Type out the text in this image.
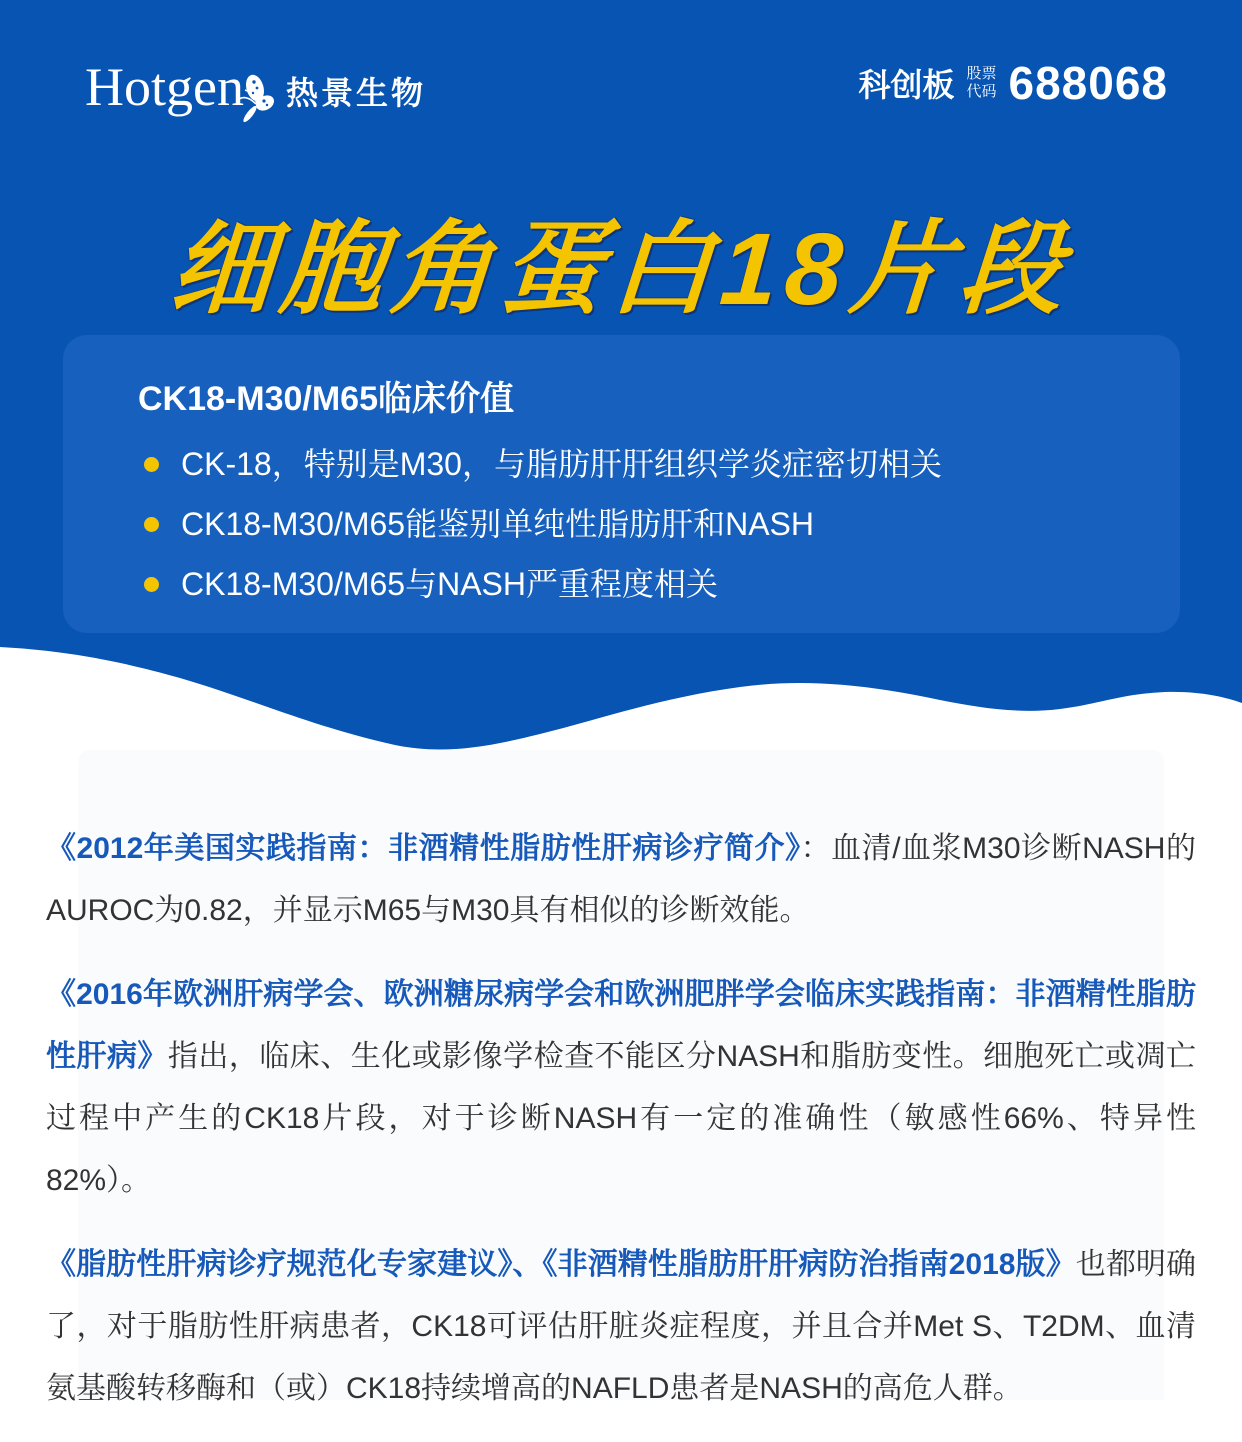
Hotgen 热景生物	科创板 股票
代码 688068
细胞角蛋白18片段
CK18-M30/M65临床价值
CK-18，特别是M30，与脂肪肝肝组织学炎症密切相关
CK18-M30/M65能鉴别单纯性脂肪肝和NASH
CK18-M30/M65与NASH严重程度相关

《2012年美国实践指南：非酒精性脂肪性肝病诊疗简介》：血清/血浆M30诊断NASH的AUROC为0.82，并显示M65与M30具有相似的诊断效能。

《2016年欧洲肝病学会、欧洲糖尿病学会和欧洲肥胖学会临床实践指南：非酒精性脂肪性肝病》指出，临床、生化或影像学检查不能区分NASH和脂肪变性。细胞死亡或凋亡过程中产生的CK18片段，对于诊断NASH有一定的准确性（敏感性66%、特异性82%）。

《脂肪性肝病诊疗规范化专家建议》、《非酒精性脂肪肝肝病防治指南2018版》也都明确了，对于脂肪性肝病患者，CK18可评估肝脏炎症程度，并且合并Met S、T2DM、血清氨基酸转移酶和（或）CK18持续增高的NAFLD患者是NASH的高危人群。
